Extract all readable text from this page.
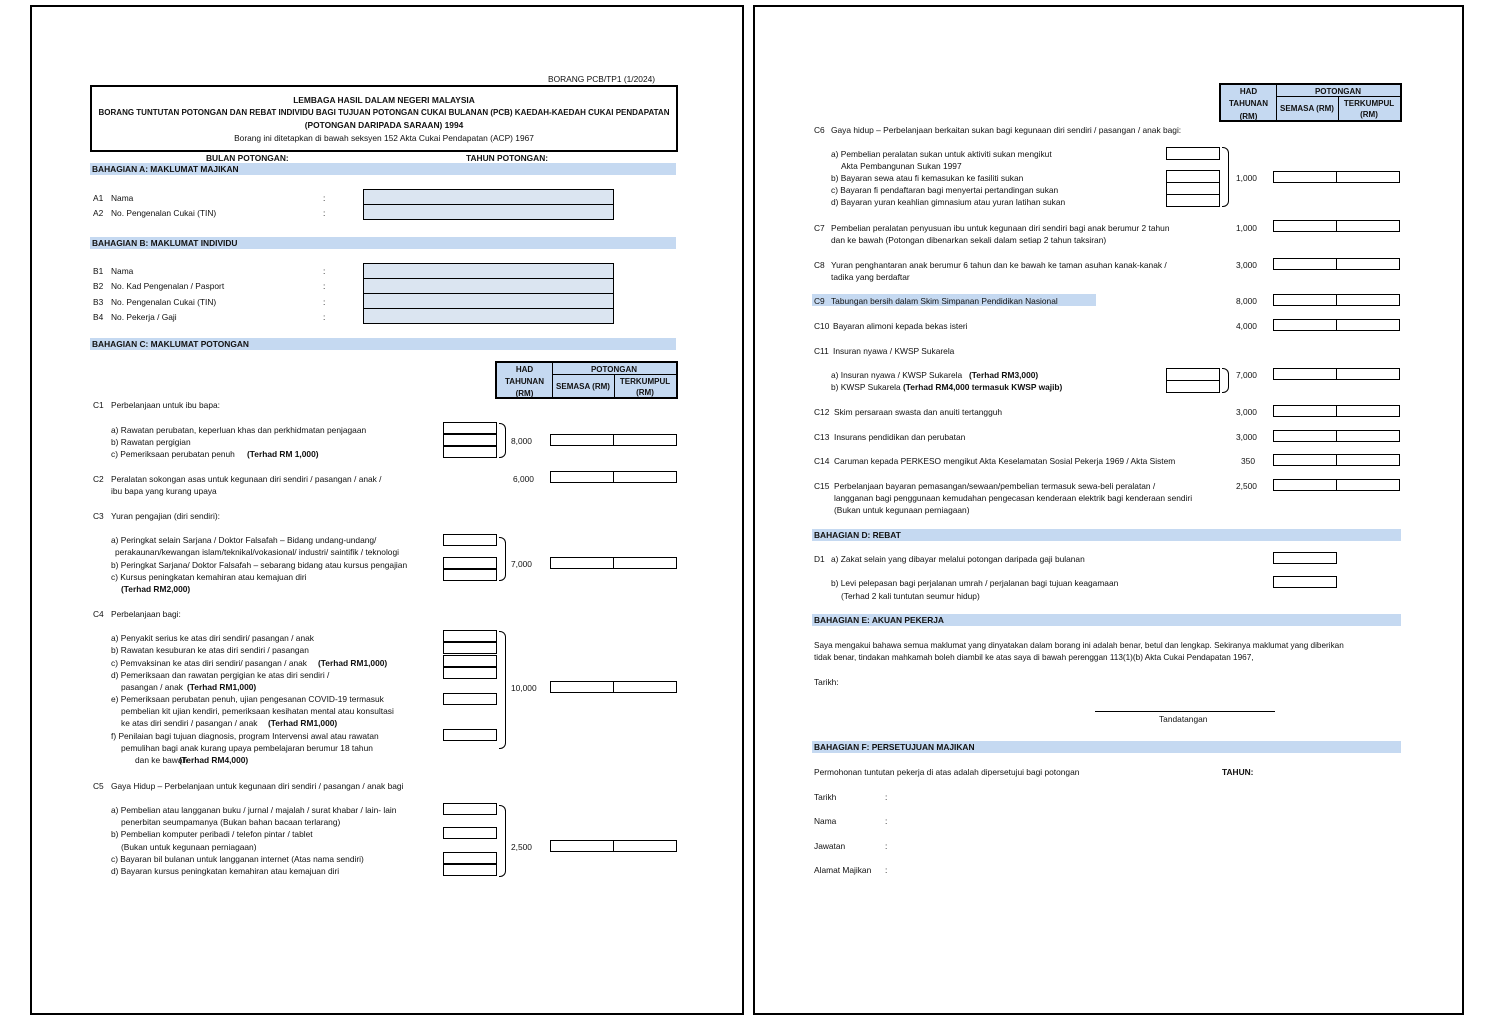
BORANG PCB/TP1 (1/2024)
LEMBAGA HASIL DALAM NEGERI MALAYSIA
BORANG TUNTUTAN POTONGAN DAN REBAT INDIVIDU BAGI TUJUAN POTONGAN CUKAI BULANAN (PCB) KAEDAH-KAEDAH CUKAI PENDAPATAN
(POTONGAN DARIPADA SARAAN) 1994
Borang ini ditetapkan di bawah seksyen 152 Akta Cukai Pendapatan (ACP) 1967
BULAN POTONGAN:	TAHUN POTONGAN:
BAHAGIAN A: MAKLUMAT MAJIKAN
A1 Nama	:
A2 No. Pengenalan Cukai (TIN)	:
BAHAGIAN B: MAKLUMAT INDIVIDU
B1 Nama	:
B2 No. Kad Pengenalan / Pasport	:
B3 No. Pengenalan Cukai (TIN)	:
B4 No. Pekerja / Gaji	:
BAHAGIAN C: MAKLUMAT POTONGAN
HAD
TAHUNAN
(RM)
POTONGAN
SEMASA (RM)
TERKUMPUL
(RM)
C1 Perbelanjaan untuk ibu bapa:
a) Rawatan perubatan, keperluan khas dan perkhidmatan penjagaan
b) Rawatan pergigian
c) Pemeriksaan perubatan penuh (Terhad RM 1,000)
8,000
C2 Peralatan sokongan asas untuk kegunaan diri sendiri / pasangan / anak /
ibu bapa yang kurang upaya
6,000
C3 Yuran pengajian (diri sendiri):
a) Peringkat selain Sarjana / Doktor Falsafah – Bidang undang-undang/
perakaunan/kewangan islam/teknikal/vokasional/ industri/ saintifik / teknologi
b) Peringkat Sarjana/ Doktor Falsafah – sebarang bidang atau kursus pengajian
c) Kursus peningkatan kemahiran atau kemajuan diri
(Terhad RM2,000)
7,000
C4 Perbelanjaan bagi:
a) Penyakit serius ke atas diri sendiri/ pasangan / anak
b) Rawatan kesuburan ke atas diri sendiri / pasangan
c) Pemvaksinan ke atas diri sendiri/ pasangan / anak (Terhad RM1,000)
d) Pemeriksaan dan rawatan pergigian ke atas diri sendiri /
pasangan / anak (Terhad RM1,000)
e) Pemeriksaan perubatan penuh, ujian pengesanan COVID-19 termasuk
pembelian kit ujian kendiri, pemeriksaan kesihatan mental atau konsultasi
ke atas diri sendiri / pasangan / anak (Terhad RM1,000)
f) Penilaian bagi tujuan diagnosis, program Intervensi awal atau rawatan
pemulihan bagi anak kurang upaya pembelajaran berumur 18 tahun
dan ke bawah
(Terhad RM4,000)
10,000
C5 Gaya Hidup – Perbelanjaan untuk kegunaan diri sendiri / pasangan / anak bagi
a) Pembelian atau langganan buku / jurnal / majalah / surat khabar / lain- lain
penerbitan seumpamanya (Bukan bahan bacaan terlarang)
b) Pembelian komputer peribadi / telefon pintar / tablet
(Bukan untuk kegunaan perniagaan)
c) Bayaran bil bulanan untuk langganan internet (Atas nama sendiri)
d) Bayaran kursus peningkatan kemahiran atau kemajuan diri
2,500
HAD
TAHUNAN
(RM)
POTONGAN
SEMASA (RM)
TERKUMPUL
(RM)
C6 Gaya hidup – Perbelanjaan berkaitan sukan bagi kegunaan diri sendiri / pasangan / anak bagi:
a) Pembelian peralatan sukan untuk aktiviti sukan mengikut
Akta Pembangunan Sukan 1997
b) Bayaran sewa atau fi kemasukan ke fasiliti sukan
c) Bayaran fi pendaftaran bagi menyertai pertandingan sukan
d) Bayaran yuran keahlian gimnasium atau yuran latihan sukan
1,000
C7 Pembelian peralatan penyusuan ibu untuk kegunaan diri sendiri bagi anak berumur 2 tahun
dan ke bawah (Potongan dibenarkan sekali dalam setiap 2 tahun taksiran)
1,000
C8 Yuran penghantaran anak berumur 6 tahun dan ke bawah ke taman asuhan kanak-kanak /
tadika yang berdaftar
3,000
C9 Tabungan bersih dalam Skim Simpanan Pendidikan Nasional	8,000
C10 Bayaran alimoni kepada bekas isteri	4,000
C11 Insuran nyawa / KWSP Sukarela
a) Insuran nyawa / KWSP Sukarela (Terhad RM3,000)
b) KWSP Sukarela (Terhad RM4,000 termasuk KWSP wajib)
7,000
C12 Skim persaraan swasta dan anuiti tertangguh	3,000
C13 Insurans pendidikan dan perubatan	3,000
C14 Caruman kepada PERKESO mengikut Akta Keselamatan Sosial Pekerja 1969 / Akta Sistem	350
C15 Perbelanjaan bayaran pemasangan/sewaan/pembelian termasuk sewa-beli peralatan /
langganan bagi penggunaan kemudahan pengecasan kenderaan elektrik bagi kenderaan sendiri
(Bukan untuk kegunaan perniagaan)
2,500
BAHAGIAN D: REBAT
D1 a) Zakat selain yang dibayar melalui potongan daripada gaji bulanan
b) Levi pelepasan bagi perjalanan umrah / perjalanan bagi tujuan keagamaan
(Terhad 2 kali tuntutan seumur hidup)
BAHAGIAN E: AKUAN PEKERJA
Saya mengakui bahawa semua maklumat yang dinyatakan dalam borang ini adalah benar, betul dan lengkap. Sekiranya maklumat yang diberikan
tidak benar, tindakan mahkamah boleh diambil ke atas saya di bawah perenggan 113(1)(b) Akta Cukai Pendapatan 1967,
Tarikh:
Tandatangan
BAHAGIAN F: PERSETUJUAN MAJIKAN
Permohonan tuntutan pekerja di atas adalah dipersetujui bagi potongan	TAHUN:
Tarikh	:
Nama	:
Jawatan	:
Alamat Majikan :
